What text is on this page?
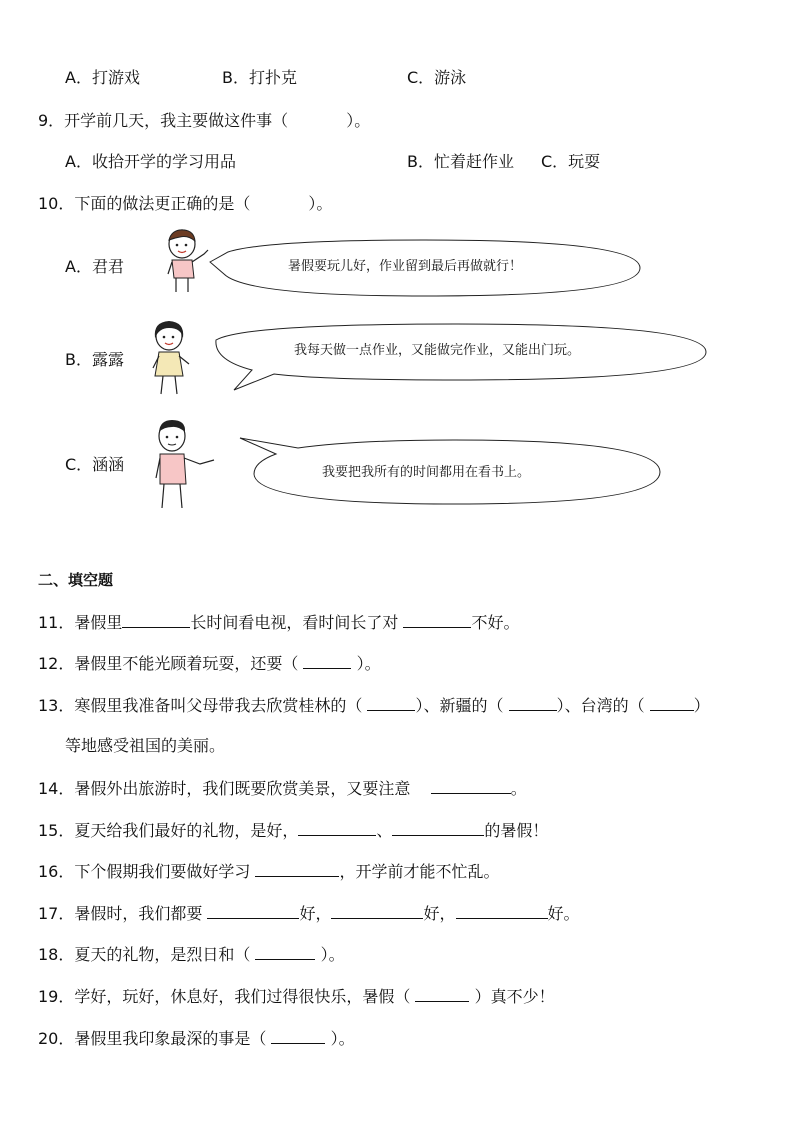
A．打游戏	B．打扑克	C．游泳
9．开学前几天，我主要做这件事（	）。
A．收拾开学的学习用品	B．忙着赶作业 C．玩耍
10．下面的做法更正确的是（	）。
A．君君	暑假要玩儿好，作业留到最后再做就行！
B．露露	我每天做一点作业，又能做完作业，又能出门玩。
C．涵涵	我要把我所有的时间都用在看书上。
二、填空题
11．暑假里	长时间看电视，看时间长了对	不好。
12．暑假里不能光顾着玩耍，还要（	）。
13．寒假里我准备叫父母带我去欣赏桂林的（	）、新疆的（	）、台湾的（	）
等地感受祖国的美丽。
14．暑假外出旅游时，我们既要欣赏美景，又要注意	。
15．夏天给我们最好的礼物，是好，	、	的暑假！
16．下个假期我们要做好学习	，开学前才能不忙乱。
17．暑假时，我们都要	好，	好，	好。
18．夏天的礼物，是烈日和（	）。
19．学好，玩好，休息好，我们过得很快乐，暑假（	）真不少！
20．暑假里我印象最深的事是（	）。
